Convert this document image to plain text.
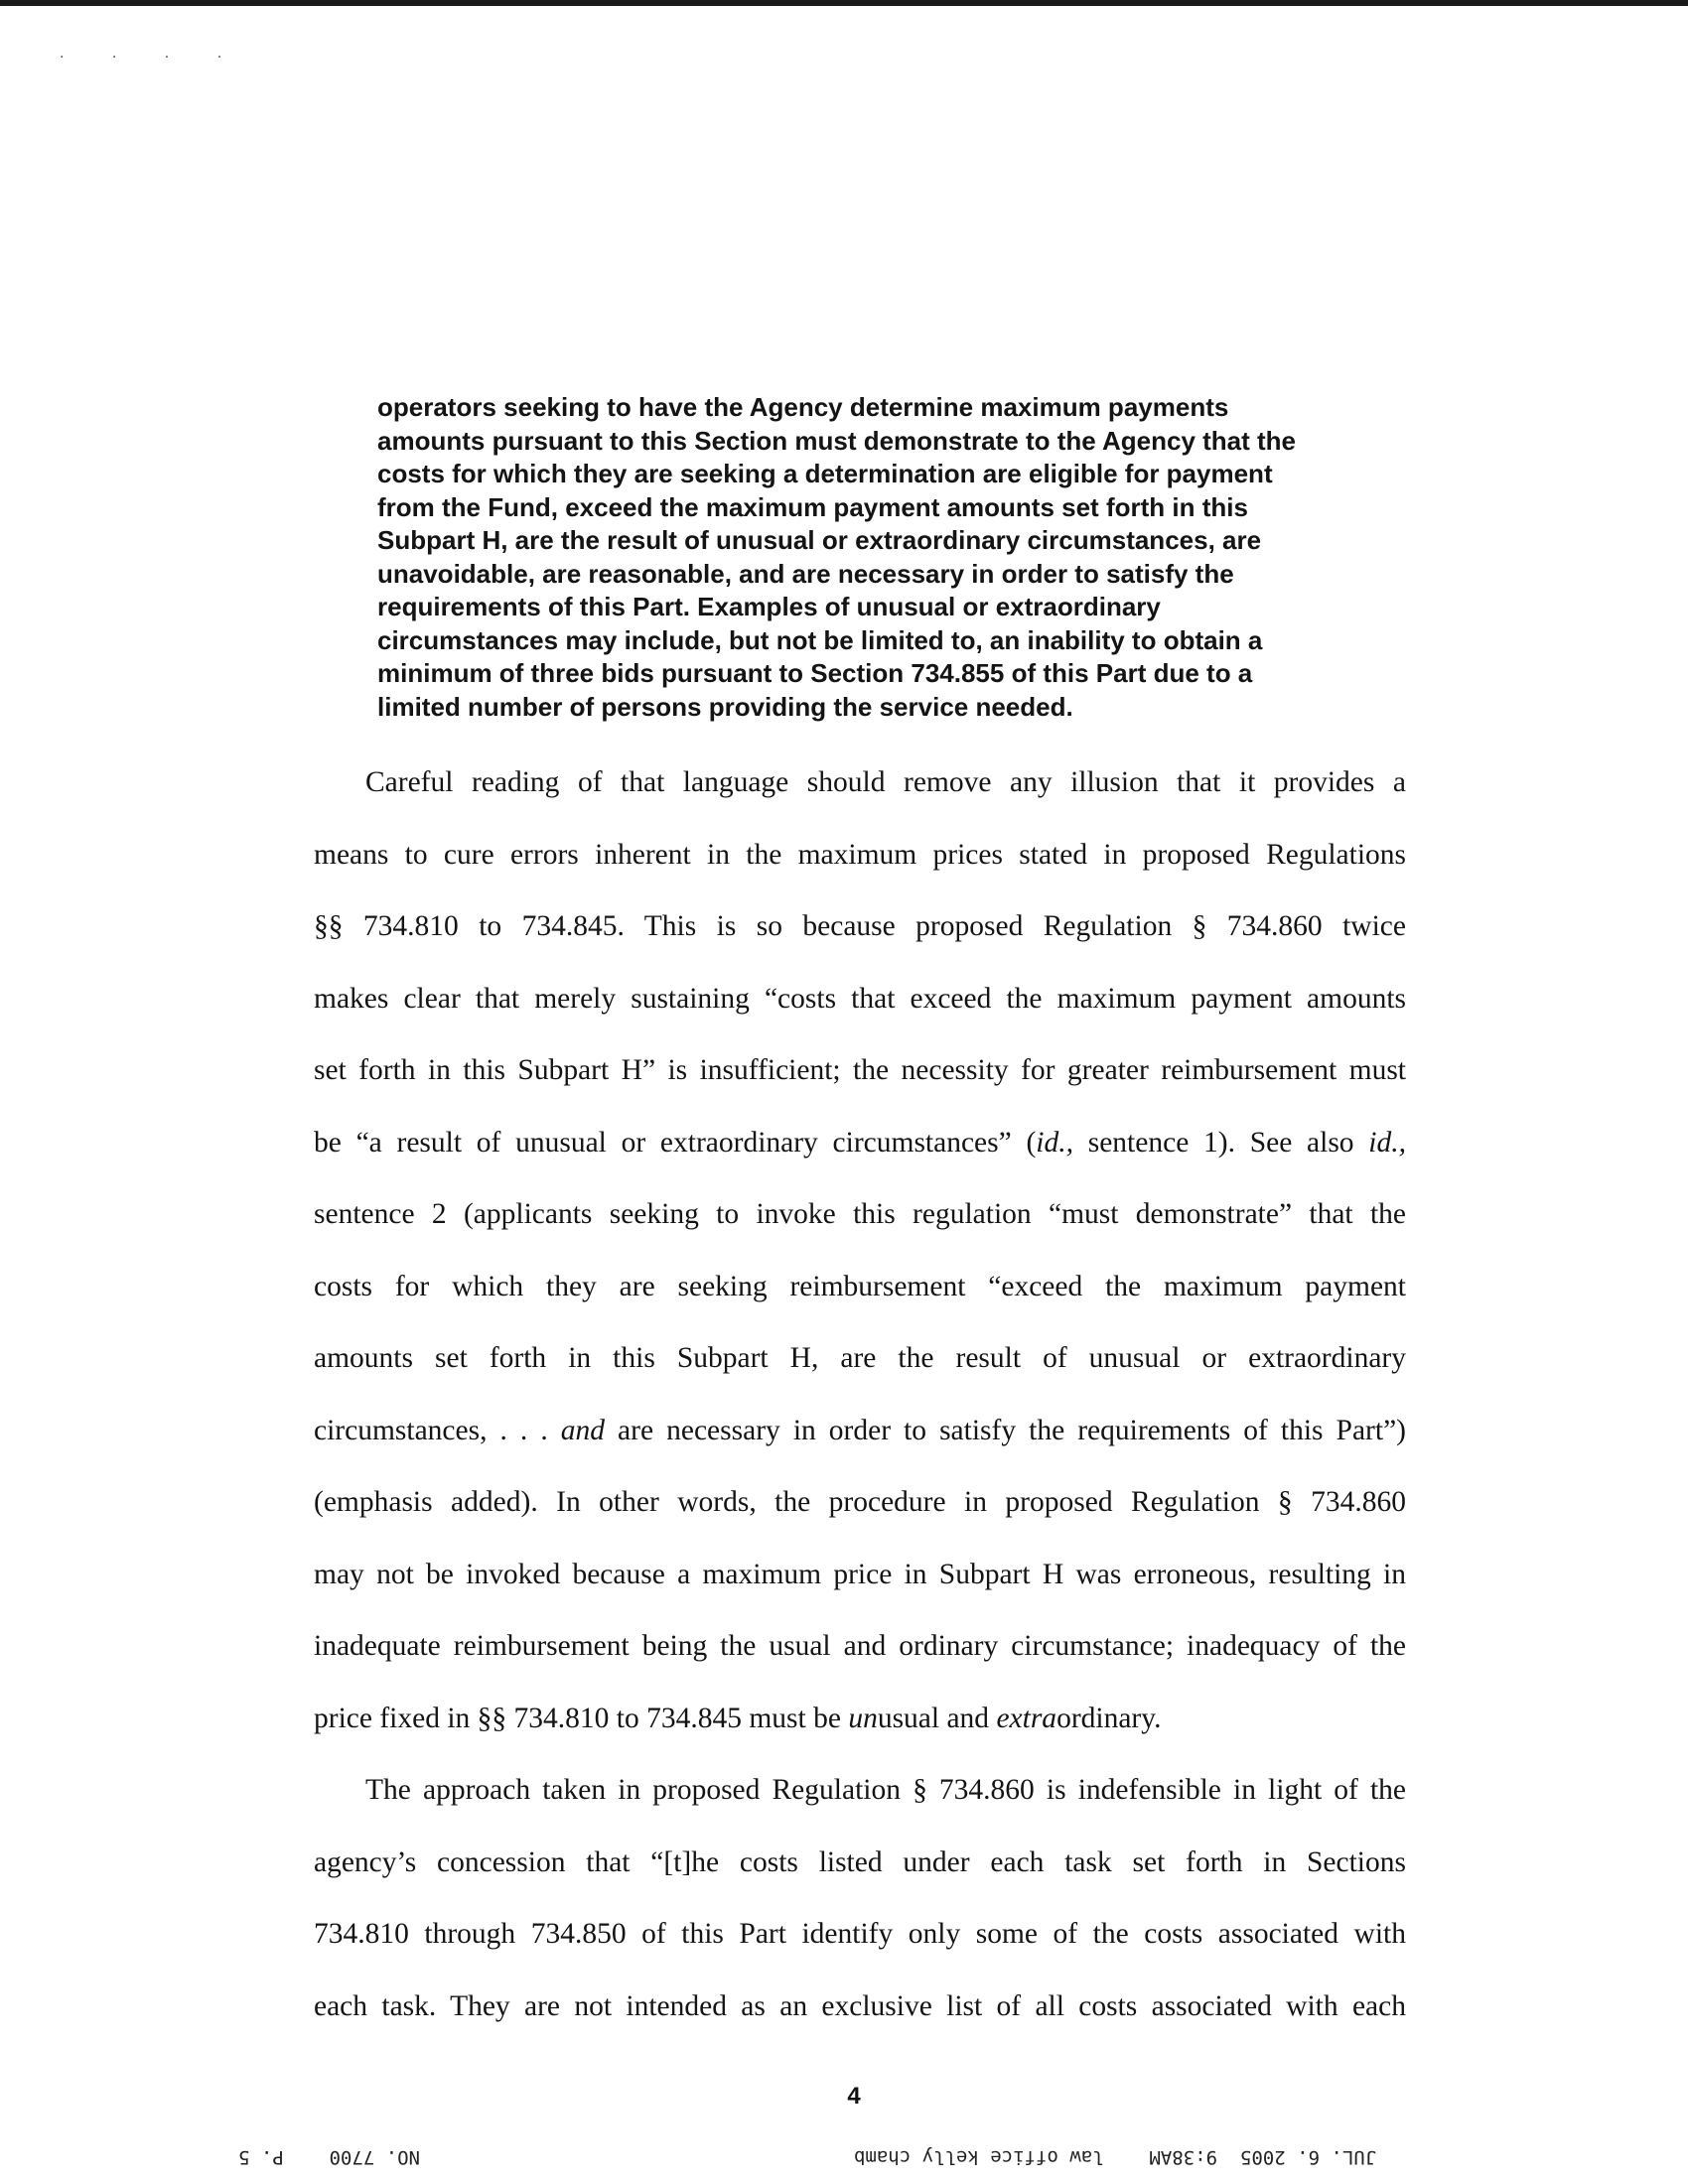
· · · ·
operators seeking to have the Agency determine maximum payments
amounts pursuant to this Section must demonstrate to the Agency that the
costs for which they are seeking a determination are eligible for payment
from the Fund, exceed the maximum payment amounts set forth in this
Subpart H, are the result of unusual or extraordinary circumstances, are
unavoidable, are reasonable, and are necessary in order to satisfy the
requirements of this Part. Examples of unusual or extraordinary
circumstances may include, but not be limited to, an inability to obtain a
minimum of three bids pursuant to Section 734.855 of this Part due to a
limited number of persons providing the service needed.
Careful reading of that language should remove any illusion that it provides a
means to cure errors inherent in the maximum prices stated in proposed Regulations
§§ 734.810 to 734.845. This is so because proposed Regulation § 734.860 twice
makes clear that merely sustaining “costs that exceed the maximum payment amounts
set forth in this Subpart H” is insufficient; the necessity for greater reimbursement must
be “a result of unusual or extraordinary circumstances” (id., sentence 1). See also id.,
sentence 2 (applicants seeking to invoke this regulation “must demonstrate” that the
costs for which they are seeking reimbursement “exceed the maximum payment
amounts set forth in this Subpart H, are the result of unusual or extraordinary
circumstances, . . . and are necessary in order to satisfy the requirements of this Part”)
(emphasis added). In other words, the procedure in proposed Regulation § 734.860
may not be invoked because a maximum price in Subpart H was erroneous, resulting in
inadequate reimbursement being the usual and ordinary circumstance; inadequacy of the
price fixed in §§ 734.810 to 734.845 must be unusual and extraordinary.
The approach taken in proposed Regulation § 734.860 is indefensible in light of the
agency’s concession that “[t]he costs listed under each task set forth in Sections
734.810 through 734.850 of this Part identify only some of the costs associated with
each task. They are not intended as an exclusive list of all costs associated with each
4
NO. 7700    P. 5	JUL. 6. 2005  9:38AM    law office kelly chamb
